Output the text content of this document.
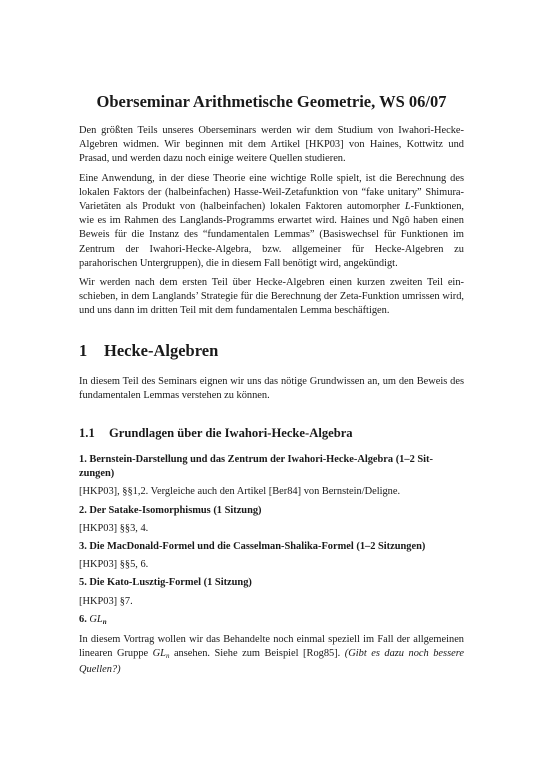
Oberseminar Arithmetische Geometrie, WS 06/07

Den größten Teils unseres Oberseminars werden wir dem Studium von Iwahori-Hecke-Algebren widmen. Wir beginnen mit dem Artikel [HKP03] von Haines, Kottwitz und Prasad, und werden dazu noch einige weitere Quellen studieren.

Eine Anwendung, in der diese Theorie eine wichtige Rolle spielt, ist die Berechnung des lokalen Faktors der (halbeinfachen) Hasse-Weil-Zetafunktion von “fake unitary” Shimura-Varietäten als Produkt von (halbeinfachen) lokalen Faktoren automorpher L-Funktionen, wie es im Rahmen des Langlands-Programms erwartet wird. Haines und Ngô haben einen Beweis für die Instanz des “fundamentalen Lemmas” (Basiswechsel für Funktionen im Zentrum der Iwahori-Hecke-Algebra, bzw. allgemeiner für Hecke-Algebren zu parahorischen Untergruppen), die in diesem Fall benötigt wird, angekündigt.

Wir werden nach dem ersten Teil über Hecke-Algebren einen kurzen zweiten Teil einschieben, in dem Langlands’ Strategie für die Berechnung der Zeta-Funktion umrissen wird, und uns dann im dritten Teil mit dem fundamentalen Lemma beschäftigen.

1 Hecke-Algebren

In diesem Teil des Seminars eignen wir uns das nötige Grundwissen an, um den Beweis des fundamentalen Lemmas verstehen zu können.

1.1 Grundlagen über die Iwahori-Hecke-Algebra
1. Bernstein-Darstellung und das Zentrum der Iwahori-Hecke-Algebra (1–2 Sitzungen)

[HKP03], §§1,2. Vergleiche auch den Artikel [Ber84] von Bernstein/Deligne.

2. Der Satake-Isomorphismus (1 Sitzung)

[HKP03] §§3, 4.

3. Die MacDonald-Formel und die Casselman-Shalika-Formel (1–2 Sitzungen)

[HKP03] §§5, 6.

5. Die Kato-Lusztig-Formel (1 Sitzung)

[HKP03] §7.

6. $GL_n$

In diesem Vortrag wollen wir das Behandelte noch einmal speziell im Fall der allgemeinen linearen Gruppe $GL_n$ ansehen. Siehe zum Beispiel [Rog85]. (Gibt es dazu noch bessere Quellen?)
